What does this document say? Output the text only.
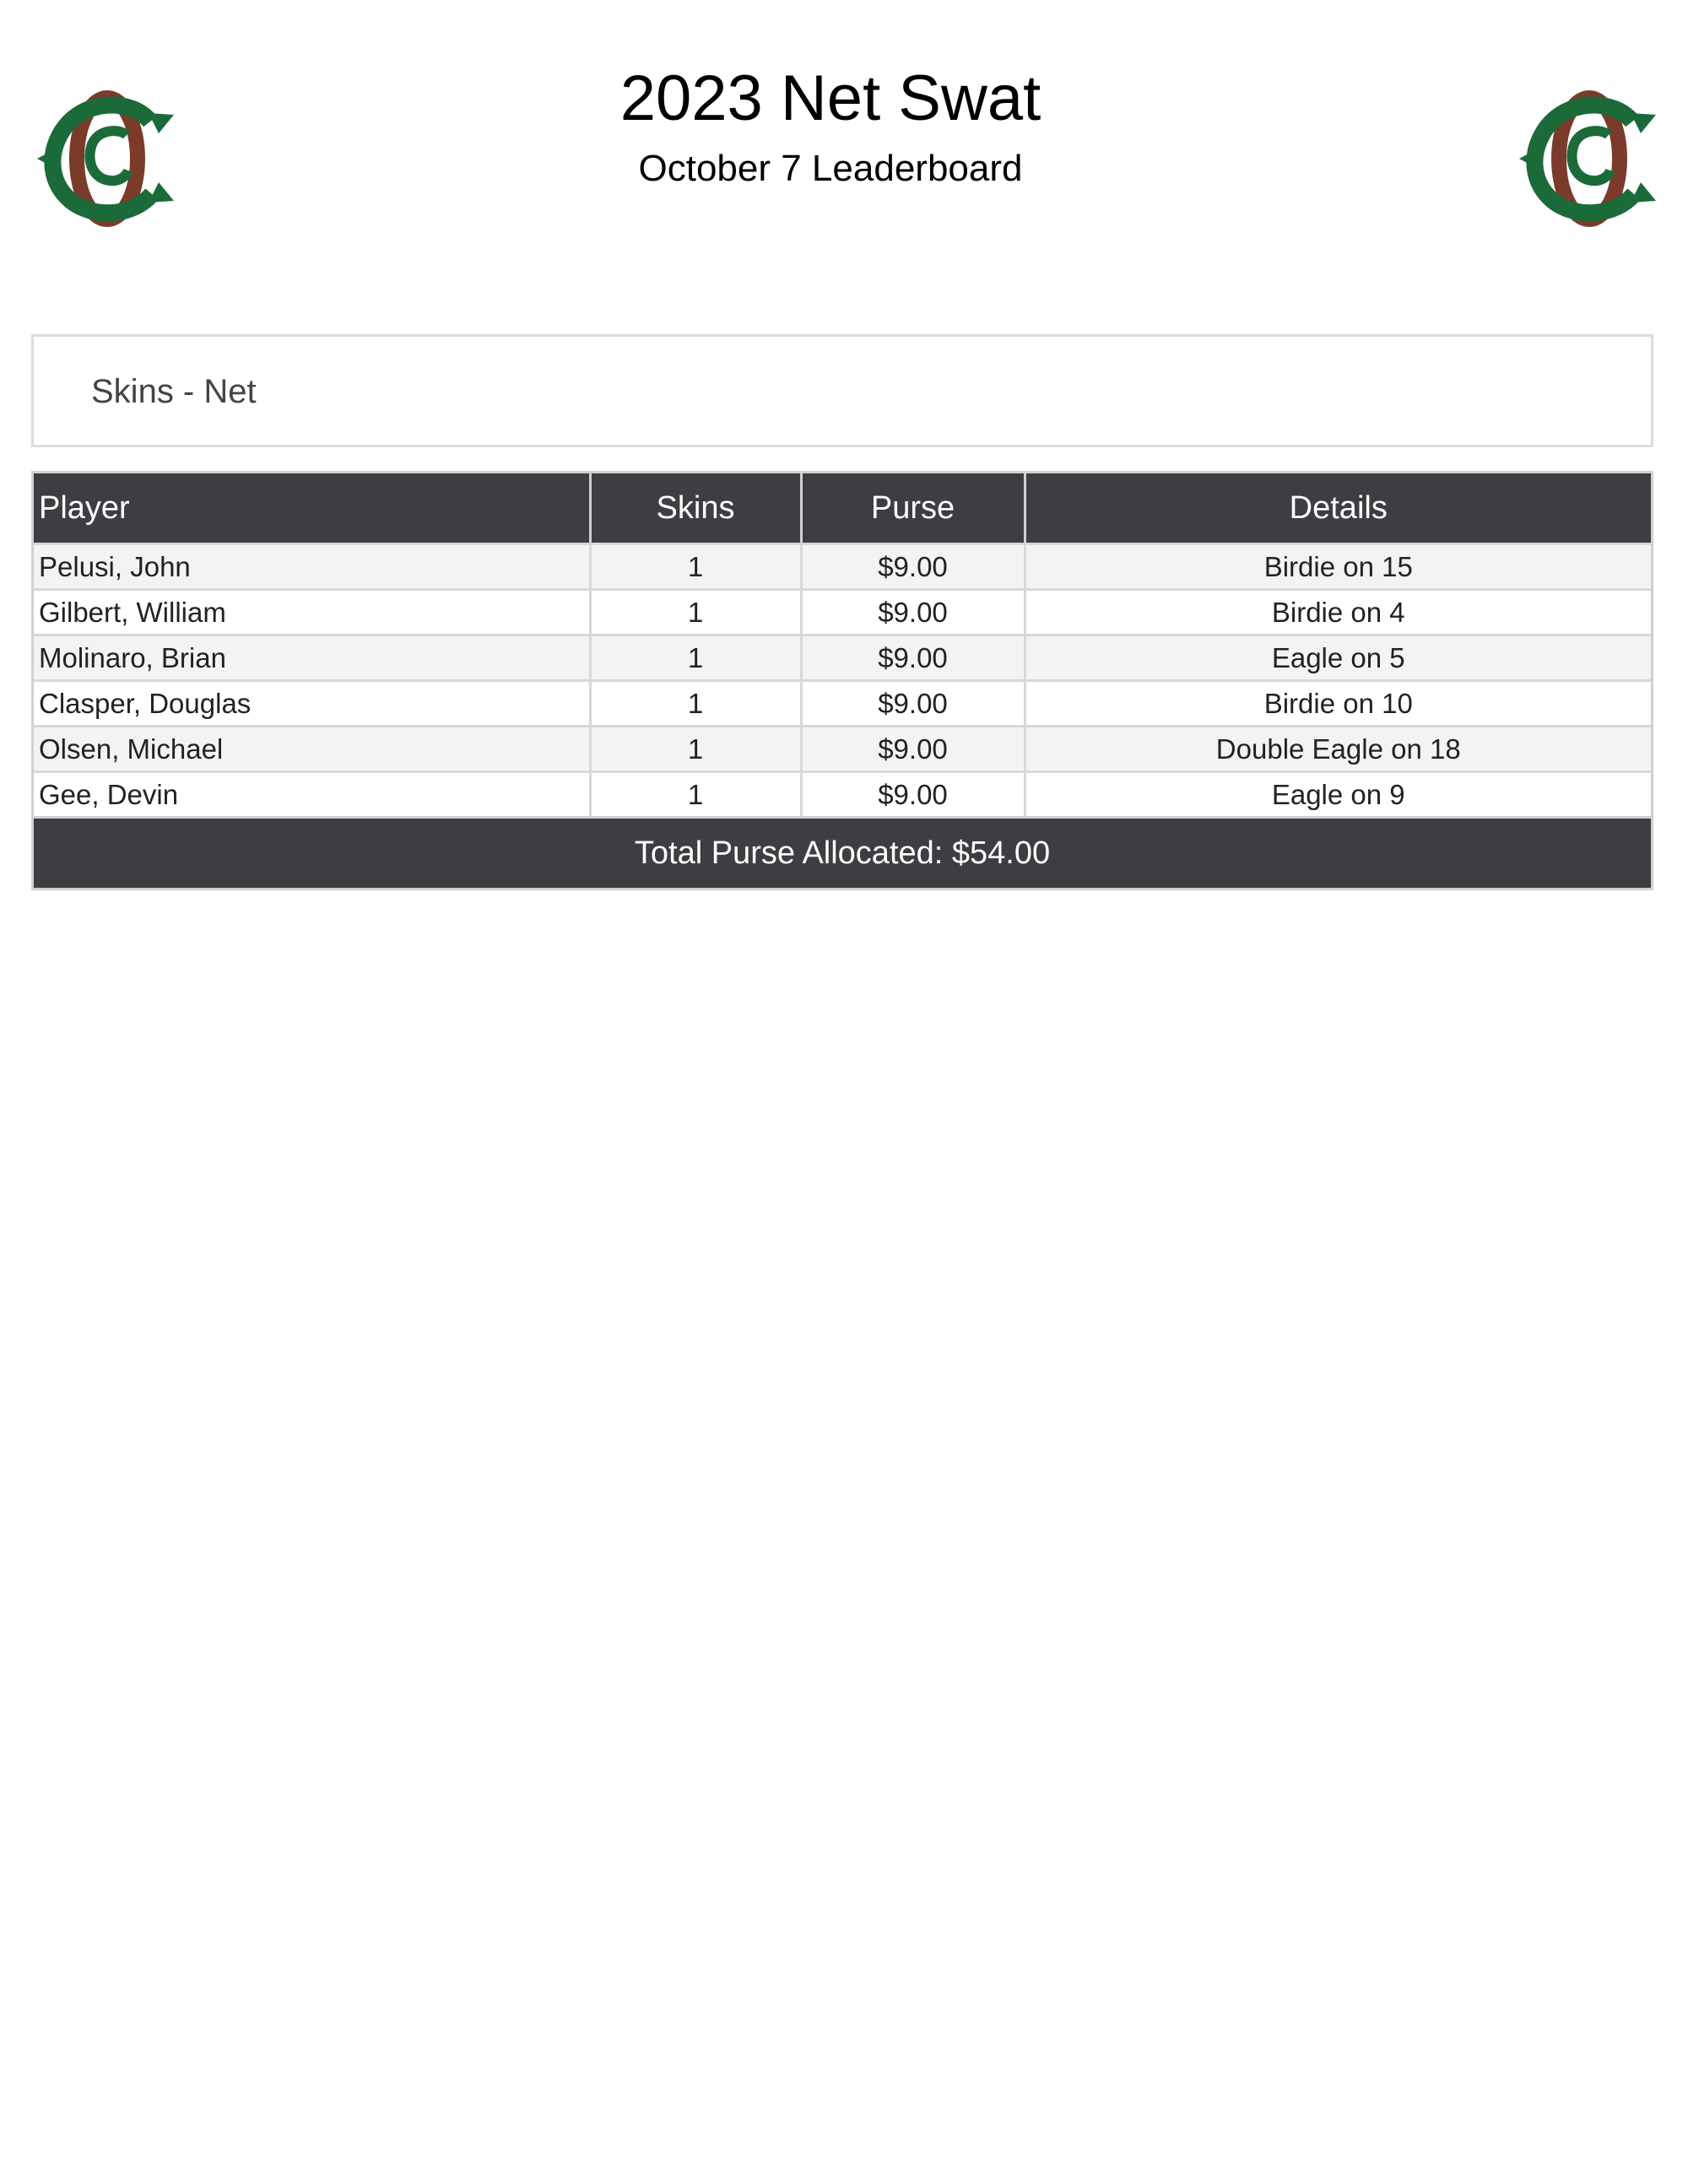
2023 Net Swat
October 7 Leaderboard
Skins - Net
Player	Skins	Purse	Details
Pelusi, John	1	$9.00	Birdie on 15
Gilbert, William	1	$9.00	Birdie on 4
Molinaro, Brian	1	$9.00	Eagle on 5
Clasper, Douglas	1	$9.00	Birdie on 10
Olsen, Michael	1	$9.00	Double Eagle on 18
Gee, Devin	1	$9.00	Eagle on 9
Total Purse Allocated: $54.00
